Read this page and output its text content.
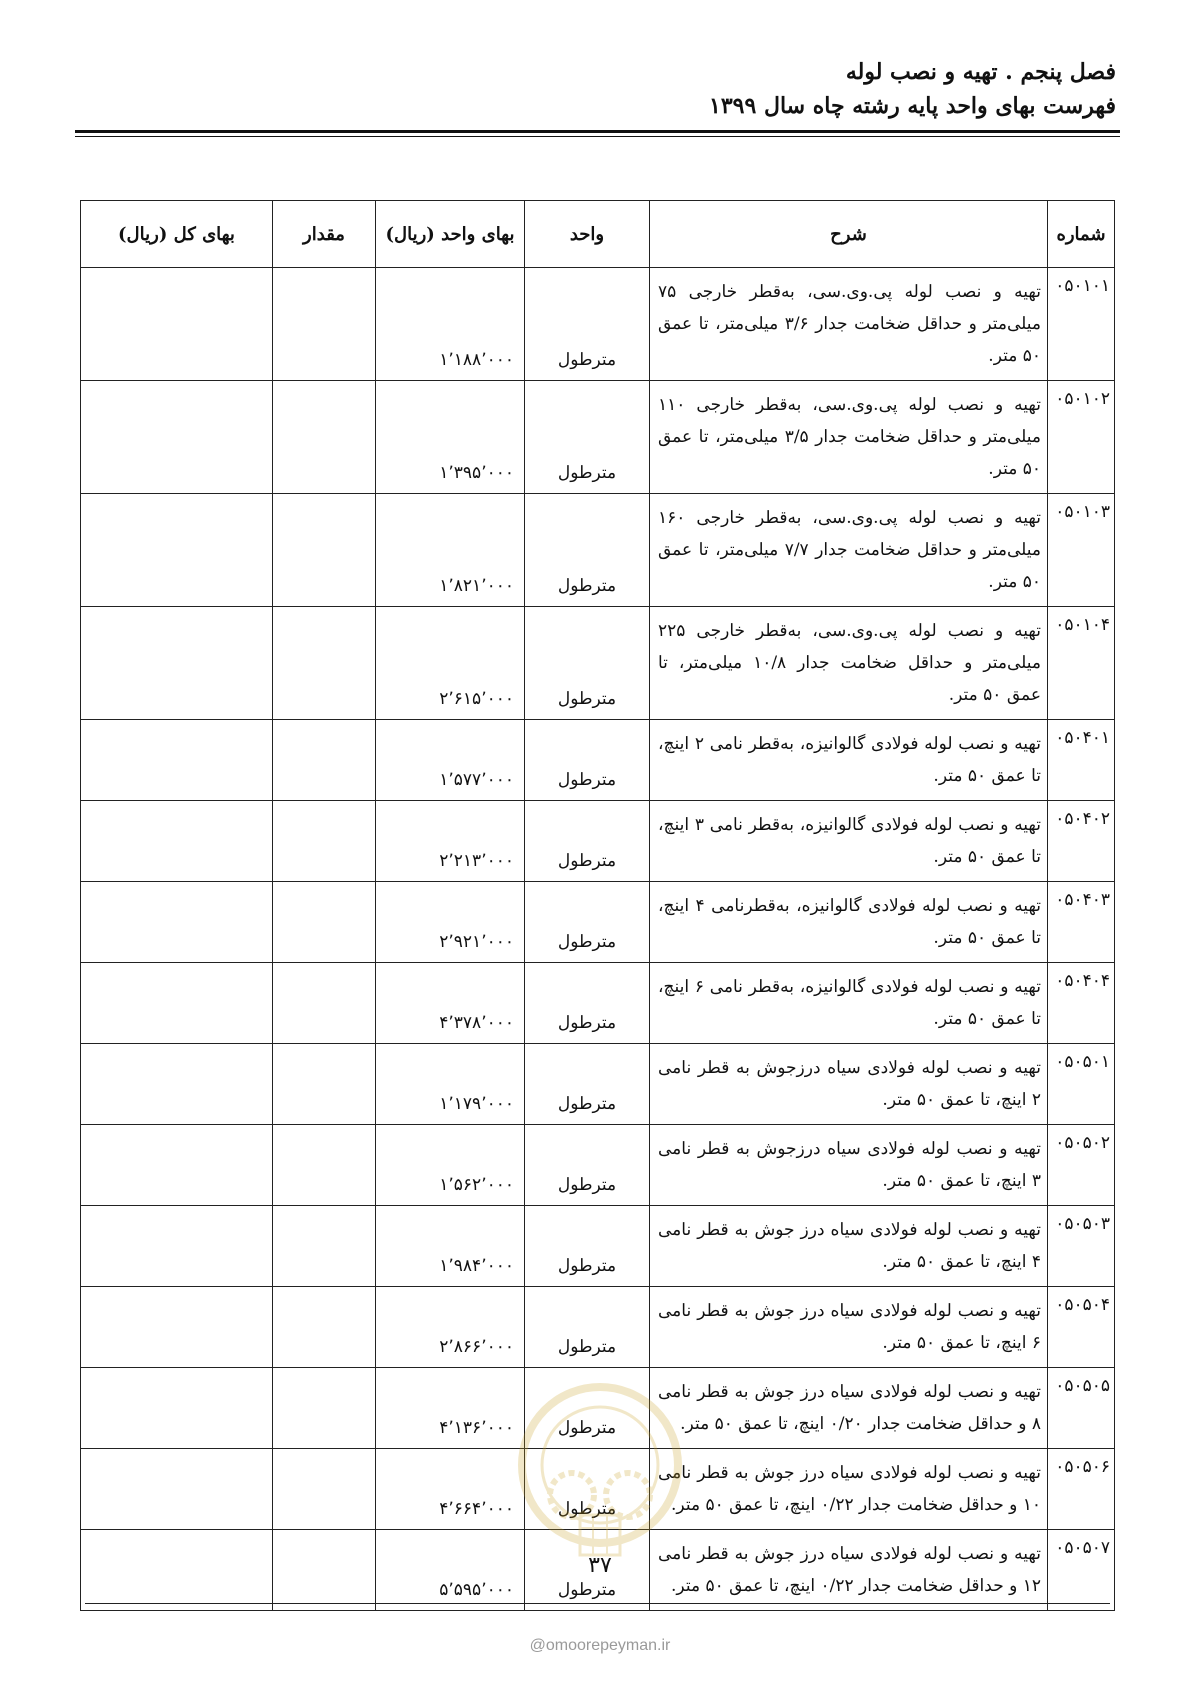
فصل پنجم . تهیه و نصب لوله
فهرست بهای واحد پایه رشته چاه سال ۱۳۹۹
شماره	شرح	واحد	بهای واحد (ریال)	مقدار	بهای کل (ریال)
۰۵۰۱۰۱	تهیه و نصب لوله پی.وی.سی، به‌قطر خارجی ۷۵ میلی‌متر و حداقل ضخامت جدار ۳/۶ میلی‌متر، تا عمق ۵۰ متر.	مترطول	۱٬۱۸۸٬۰۰۰		
۰۵۰۱۰۲	تهیه و نصب لوله پی.وی.سی، به‌قطر خارجی ۱۱۰ میلی‌متر و حداقل ضخامت جدار ۳/۵ میلی‌متر، تا عمق ۵۰ متر.	مترطول	۱٬۳۹۵٬۰۰۰		
۰۵۰۱۰۳	تهیه و نصب لوله پی.وی.سی، به‌قطر خارجی ۱۶۰ میلی‌متر و حداقل ضخامت جدار ۷/۷ میلی‌متر، تا عمق ۵۰ متر.	مترطول	۱٬۸۲۱٬۰۰۰		
۰۵۰۱۰۴	تهیه و نصب لوله پی.وی.سی، به‌قطر خارجی ۲۲۵ میلی‌متر و حداقل ضخامت جدار ۱۰/۸ میلی‌متر، تا عمق ۵۰ متر.	مترطول	۲٬۶۱۵٬۰۰۰		
۰۵۰۴۰۱	تهیه و نصب لوله فولادی گالوانیزه، به‌قطر نامی ۲ اینچ، تا عمق ۵۰ متر.	مترطول	۱٬۵۷۷٬۰۰۰		
۰۵۰۴۰۲	تهیه و نصب لوله فولادی گالوانیزه، به‌قطر نامی ۳ اینچ، تا عمق ۵۰ متر.	مترطول	۲٬۲۱۳٬۰۰۰		
۰۵۰۴۰۳	تهیه و نصب لوله فولادی گالوانیزه، به‌قطرنامی ۴ اینچ، تا عمق ۵۰ متر.	مترطول	۲٬۹۲۱٬۰۰۰		
۰۵۰۴۰۴	تهیه و نصب لوله فولادی گالوانیزه، به‌قطر نامی ۶ اینچ، تا عمق ۵۰ متر.	مترطول	۴٬۳۷۸٬۰۰۰		
۰۵۰۵۰۱	تهیه و نصب لوله فولادی سیاه درزجوش به قطر نامی ۲ اینچ، تا عمق ۵۰ متر.	مترطول	۱٬۱۷۹٬۰۰۰		
۰۵۰۵۰۲	تهیه و نصب لوله فولادی سیاه درزجوش به قطر نامی ۳ اینچ، تا عمق ۵۰ متر.	مترطول	۱٬۵۶۲٬۰۰۰		
۰۵۰۵۰۳	تهیه و نصب لوله فولادی سیاه درز جوش به قطر نامی ۴ اینچ، تا عمق ۵۰ متر.	مترطول	۱٬۹۸۴٬۰۰۰		
۰۵۰۵۰۴	تهیه و نصب لوله فولادی سیاه درز جوش به قطر نامی ۶ اینچ، تا عمق ۵۰ متر.	مترطول	۲٬۸۶۶٬۰۰۰		
۰۵۰۵۰۵	تهیه و نصب لوله فولادی سیاه درز جوش به قطر نامی ۸ و حداقل ضخامت جدار ۰/۲۰ اینچ، تا عمق ۵۰ متر.	مترطول	۴٬۱۳۶٬۰۰۰		
۰۵۰۵۰۶	تهیه و نصب لوله فولادی سیاه درز جوش به قطر نامی ۱۰ و حداقل ضخامت جدار ۰/۲۲ اینچ، تا عمق ۵۰ متر.	مترطول	۴٬۶۶۴٬۰۰۰		
۰۵۰۵۰۷	تهیه و نصب لوله فولادی سیاه درز جوش به قطر نامی ۱۲ و حداقل ضخامت جدار ۰/۲۲ اینچ، تا عمق ۵۰ متر.	مترطول	۵٬۵۹۵٬۰۰۰		
۳۷
@omoorepeyman.ir
